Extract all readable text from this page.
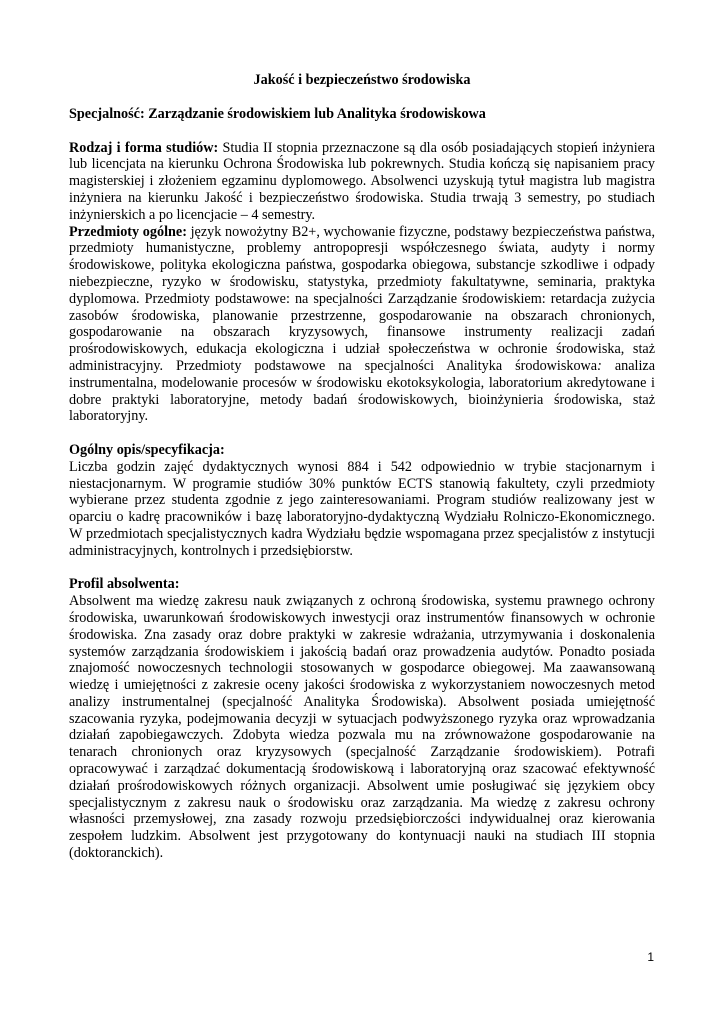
Jakość i bezpieczeństwo środowiska
Specjalność: Zarządzanie środowiskiem lub Analityka środowiskowa

Rodzaj i forma studiów: Studia II stopnia przeznaczone są dla osób posiadających stopień inżyniera lub licencjata na kierunku Ochrona Środowiska lub pokrewnych. Studia kończą się napisaniem pracy magisterskiej i złożeniem egzaminu dyplomowego. Absolwenci uzyskują tytuł magistra lub magistra inżyniera na kierunku Jakość i bezpieczeństwo środowiska. Studia trwają 3 semestry, po studiach inżynierskich a po licencjacie – 4 semestry.

Przedmioty ogólne: język nowożytny B2+, wychowanie fizyczne, podstawy bezpieczeństwa państwa, przedmioty humanistyczne, problemy antropopresji współczesnego świata, audyty i normy środowiskowe, polityka ekologiczna państwa, gospodarka obiegowa, substancje szkodliwe i odpady niebezpieczne, ryzyko w środowisku, statystyka, przedmioty fakultatywne, seminaria, praktyka dyplomowa. Przedmioty podstawowe: na specjalności Zarządzanie środowiskiem: retardacja zużycia zasobów środowiska, planowanie przestrzenne, gospodarowanie na obszarach chronionych, gospodarowanie na obszarach kryzysowych, finansowe instrumenty realizacji zadań prośrodowiskowych, edukacja ekologiczna i udział społeczeństwa w ochronie środowiska, staż administracyjny. Przedmioty podstawowe na specjalności Analityka środowiskowa: analiza instrumentalna, modelowanie procesów w środowisku ekotoksykologia, laboratorium akredytowane i dobre praktyki laboratoryjne, metody badań środowiskowych, bioinżynieria środowiska, staż laboratoryjny.

Ogólny opis/specyfikacja:

Liczba godzin zajęć dydaktycznych wynosi 884 i 542 odpowiednio w trybie stacjonarnym i niestacjonarnym. W programie studiów 30% punktów ECTS stanowią fakultety, czyli przedmioty wybierane przez studenta zgodnie z jego zainteresowaniami. Program studiów realizowany jest w oparciu o kadrę pracowników i bazę laboratoryjno-dydaktyczną Wydziału Rolniczo-Ekonomicznego. W przedmiotach specjalistycznych kadra Wydziału będzie wspomagana przez specjalistów z instytucji administracyjnych, kontrolnych i przedsiębiorstw.

Profil absolwenta:

Absolwent ma wiedzę zakresu nauk związanych z ochroną środowiska, systemu prawnego ochrony środowiska, uwarunkowań środowiskowych inwestycji oraz instrumentów finansowych w ochronie środowiska. Zna zasady oraz dobre praktyki w zakresie wdrażania, utrzymywania i doskonalenia systemów zarządzania środowiskiem i jakością badań oraz prowadzenia audytów. Ponadto posiada znajomość nowoczesnych technologii stosowanych w gospodarce obiegowej. Ma zaawansowaną wiedzę i umiejętności z zakresie oceny jakości środowiska z wykorzystaniem nowoczesnych metod analizy instrumentalnej (specjalność Analityka Środowiska). Absolwent posiada umiejętność szacowania ryzyka, podejmowania decyzji w sytuacjach podwyższonego ryzyka oraz wprowadzania działań zapobiegawczych. Zdobyta wiedza pozwala mu na zrównoważone gospodarowanie na tenarach chronionych oraz kryzysowych (specjalność Zarządzanie środowiskiem). Potrafi opracowywać i zarządzać dokumentacją środowiskową i laboratoryjną oraz szacować efektywność działań prośrodowiskowych różnych organizacji. Absolwent umie posługiwać się językiem obcy specjalistycznym z zakresu nauk o środowisku oraz zarządzania. Ma wiedzę z zakresu ochrony własności przemysłowej, zna zasady rozwoju przedsiębiorczości indywidualnej oraz kierowania zespołem ludzkim. Absolwent jest przygotowany do kontynuacji nauki na studiach III stopnia (doktoranckich).

1
